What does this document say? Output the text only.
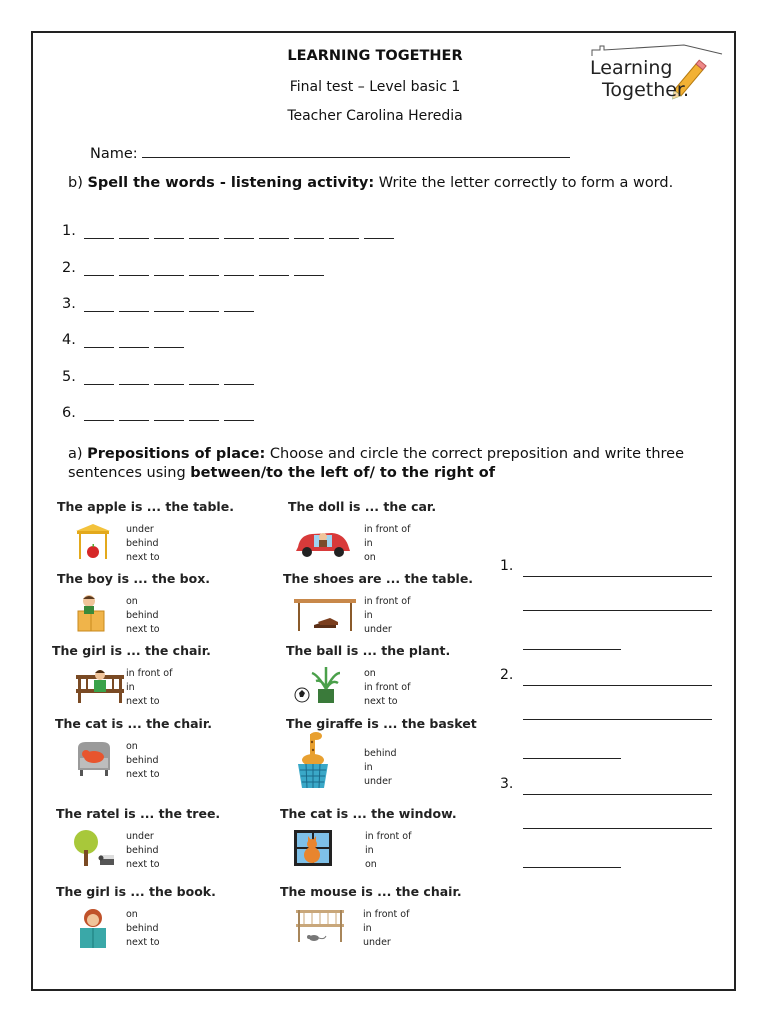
LEARNING TOGETHER
Final test – Level basic 1
Teacher Carolina Heredia
Learning
Together.
Name:
b) Spell the words - listening activity: Write the letter correctly to form a word.
1.
2.
3.
4.
5.
6.
a) Prepositions of place: Choose and circle the correct preposition and write three sentences using between/to the left of/ to the right of
The apple is ... the table.
under
behind
next to
The doll is ... the car.
in front of
in
on
The boy is ... the box.
on
behind
next to
The shoes are ... the table.
in front of
in
under
The girl is ... the chair.
in front of
in
next to
The ball is ... the plant.
on
in front of
next to
The cat is ... the chair.
on
behind
next to
The giraffe is ... the basket
behind
in
under
The ratel is ... the tree.
under
behind
next to
The cat is ... the window.
in front of
in
on
The girl is ... the book.
on
behind
next to
The mouse is ... the chair.
in front of
in
under
1.
2.
3.
